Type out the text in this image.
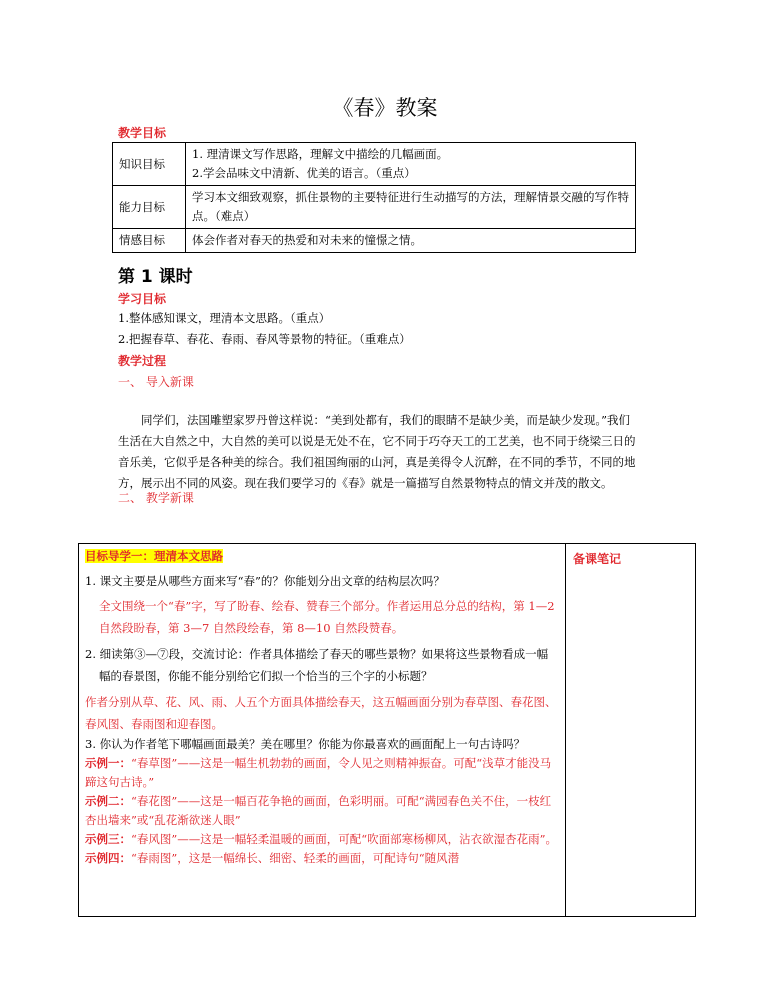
《春》教案
教学目标
知识目标	1. 理清课文写作思路，理解文中描绘的几幅画面。
2.学会品味文中清新、优美的语言。（重点）
能力目标	学习本文细致观察，抓住景物的主要特征进行生动描写的方法，理解情景交融的写作特点。（难点）
情感目标	体会作者对春天的热爱和对未来的憧憬之情。
第 1 课时
学习目标
1.整体感知课文，理清本文思路。（重点）
2.把握春草、春花、春雨、春风等景物的特征。（重难点）
教学过程
一、 导入新课
同学们，法国雕塑家罗丹曾这样说：“美到处都有，我们的眼睛不是缺少美，而是缺少发现。”我们生活在大自然之中，大自然的美可以说是无处不在，它不同于巧夺天工的工艺美，也不同于绕梁三日的音乐美，它似乎是各种美的综合。我们祖国绚丽的山河，真是美得令人沉醉，在不同的季节，不同的地方，展示出不同的风姿。现在我们要学习的《春》就是一篇描写自然景物特点的情文并茂的散文。
二、 教学新课
备课笔记
目标导学一：理清本文思路
1. 课文主要是从哪些方面来写“春”的？你能划分出文章的结构层次吗？
全文围绕一个“春”字，写了盼春、绘春、赞春三个部分。作者运用总分总的结构，第 1—2 自然段盼春，第 3—7 自然段绘春，第 8—10 自然段赞春。
2. 细读第③—⑦段，交流讨论：作者具体描绘了春天的哪些景物？如果将这些景物看成一幅幅的春景图，你能不能分别给它们拟一个恰当的三个字的小标题？
作者分别从草、花、风、雨、人五个方面具体描绘春天，这五幅画面分别为春草图、春花图、春风图、春雨图和迎春图。
3. 你认为作者笔下哪幅画面最美？美在哪里？你能为你最喜欢的画面配上一句古诗吗？
示例一：“春草图”——这是一幅生机勃勃的画面，令人见之则精神振奋。可配“浅草才能没马蹄这句古诗。”
示例二：“春花图”——这是一幅百花争艳的画面，色彩明丽。可配“满园春色关不住，一枝红杏出墙来”或“乱花渐欲迷人眼”
示例三：“春风图”——这是一幅轻柔温暖的画面，可配“吹面部寒杨柳风，沾衣欲湿杏花雨”。
示例四：“春雨图”，这是一幅绵长、细密、轻柔的画面，可配诗句“随风潜
